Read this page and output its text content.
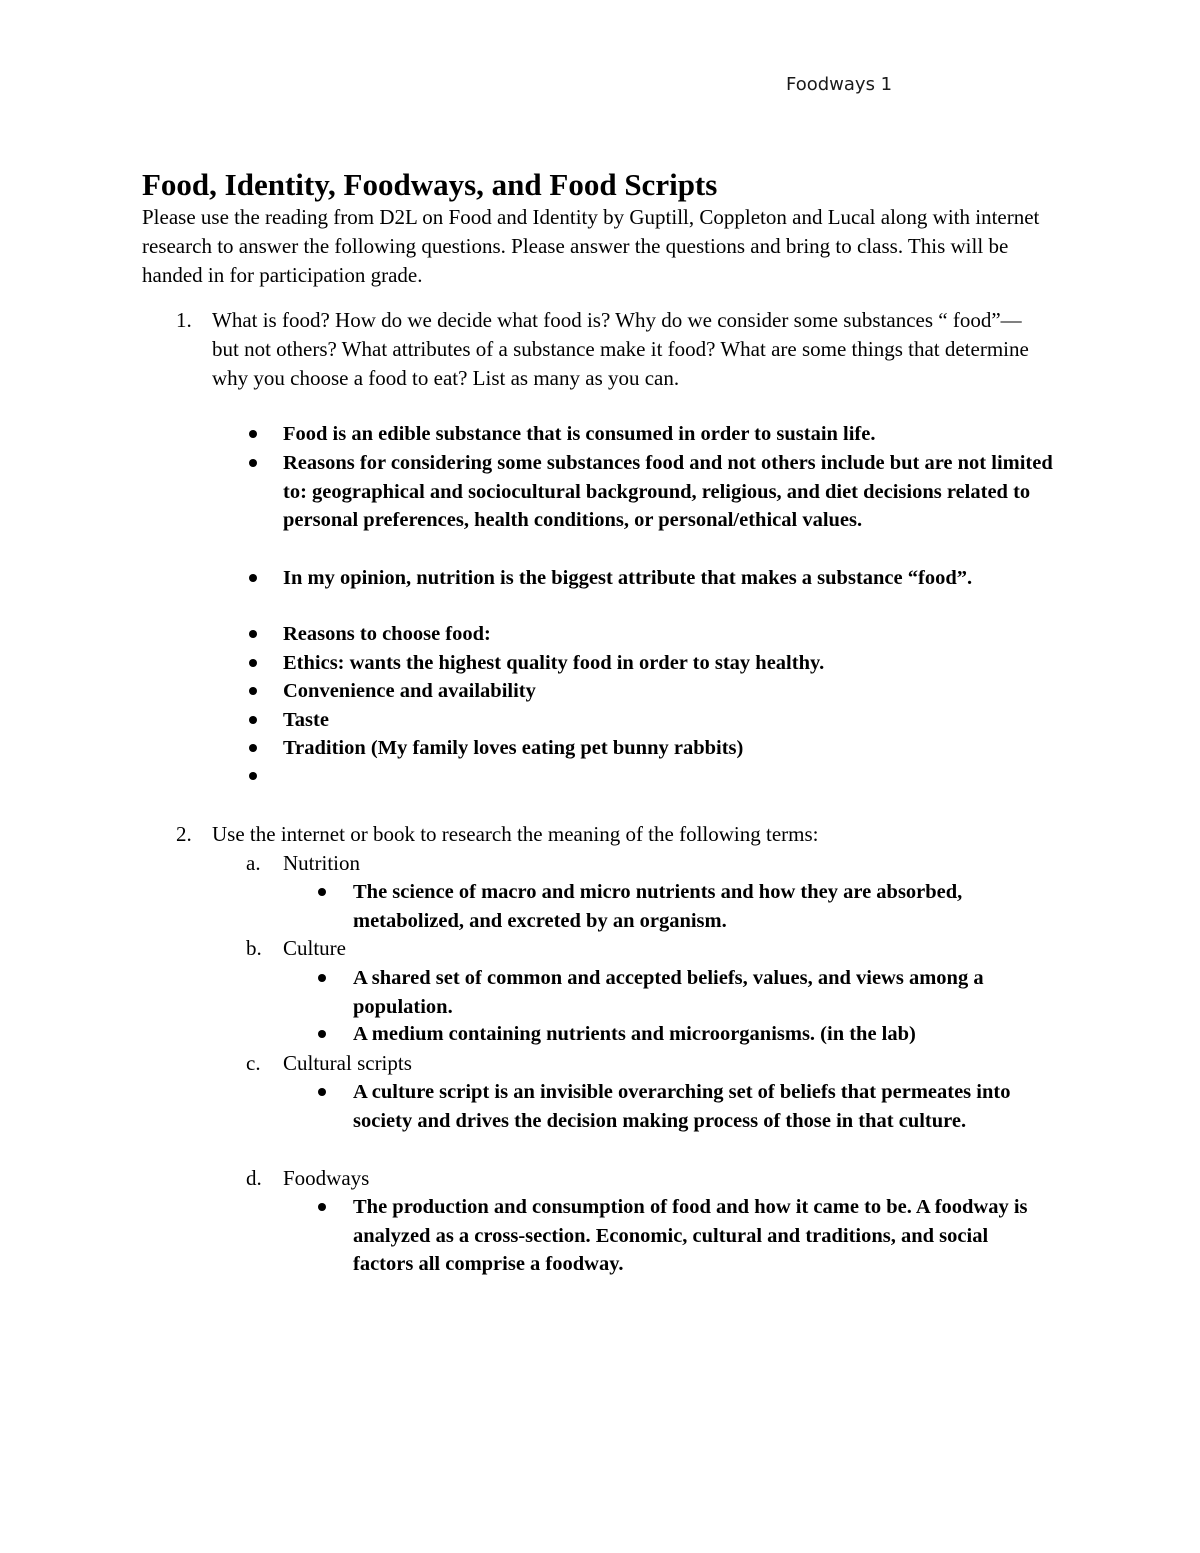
Foodways 1
Food, Identity, Foodways, and Food Scripts

Please use the reading from D2L on Food and Identity by Guptill, Coppleton and Lucal along with internet research to answer the following questions. Please answer the questions and bring to class. This will be handed in for participation grade.

1. What is food? How do we decide what food is? Why do we consider some substances “ food”—but not others? What attributes of a substance make it food? What are some things that determine why you choose a food to eat? List as many as you can.
Food is an edible substance that is consumed in order to sustain life.
Reasons for considering some substances food and not others include but are not limited to: geographical and sociocultural background, religious, and diet decisions related to personal preferences, health conditions, or personal/ethical values.
In my opinion, nutrition is the biggest attribute that makes a substance “food”.
Reasons to choose food:
Ethics: wants the highest quality food in order to stay healthy.
Convenience and availability
Taste
Tradition (My family loves eating pet bunny rabbits)
2. Use the internet or book to research the meaning of the following terms:
a. Nutrition
The science of macro and micro nutrients and how they are absorbed, metabolized, and excreted by an organism.
b. Culture
A shared set of common and accepted beliefs, values, and views among a population.
A medium containing nutrients and microorganisms. (in the lab)
c. Cultural scripts
A culture script is an invisible overarching set of beliefs that permeates into society and drives the decision making process of those in that culture.
d. Foodways
The production and consumption of food and how it came to be. A foodway is analyzed as a cross-section. Economic, cultural and traditions, and social factors all comprise a foodway.
